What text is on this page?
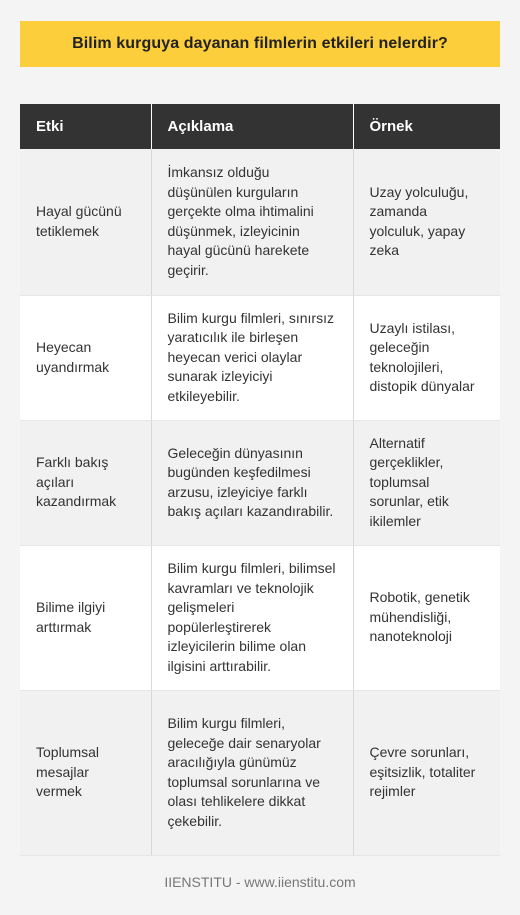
Bilim kurguya dayanan filmlerin etkileri nelerdir?
Etki	Açıklama	Örnek
Hayal gücünü tetiklemek	İmkansız olduğu düşünülen kurguların gerçekte olma ihtimalini düşünmek, izleyicinin hayal gücünü harekete geçirir.	Uzay yolculuğu, zamanda yolculuk, yapay zeka
Heyecan uyandırmak	Bilim kurgu filmleri, sınırsız yaratıcılık ile birleşen heyecan verici olaylar sunarak izleyiciyi etkileyebilir.	Uzaylı istilası, geleceğin teknolojileri, distopik dünyalar
Farklı bakış açıları kazandırmak	Geleceğin dünyasının bugünden keşfedilmesi arzusu, izleyiciye farklı bakış açıları kazandırabilir.	Alternatif gerçeklikler, toplumsal sorunlar, etik ikilemler
Bilime ilgiyi arttırmak	Bilim kurgu filmleri, bilimsel kavramları ve teknolojik gelişmeleri popülerleştirerek izleyicilerin bilime olan ilgisini arttırabilir.	Robotik, genetik mühendisliği, nanoteknoloji
Toplumsal mesajlar vermek	Bilim kurgu filmleri, geleceğe dair senaryolar aracılığıyla günümüz toplumsal sorunlarına ve olası tehlikelere dikkat çekebilir.	Çevre sorunları, eşitsizlik, totaliter rejimler
IIENSTITU - www.iienstitu.com
